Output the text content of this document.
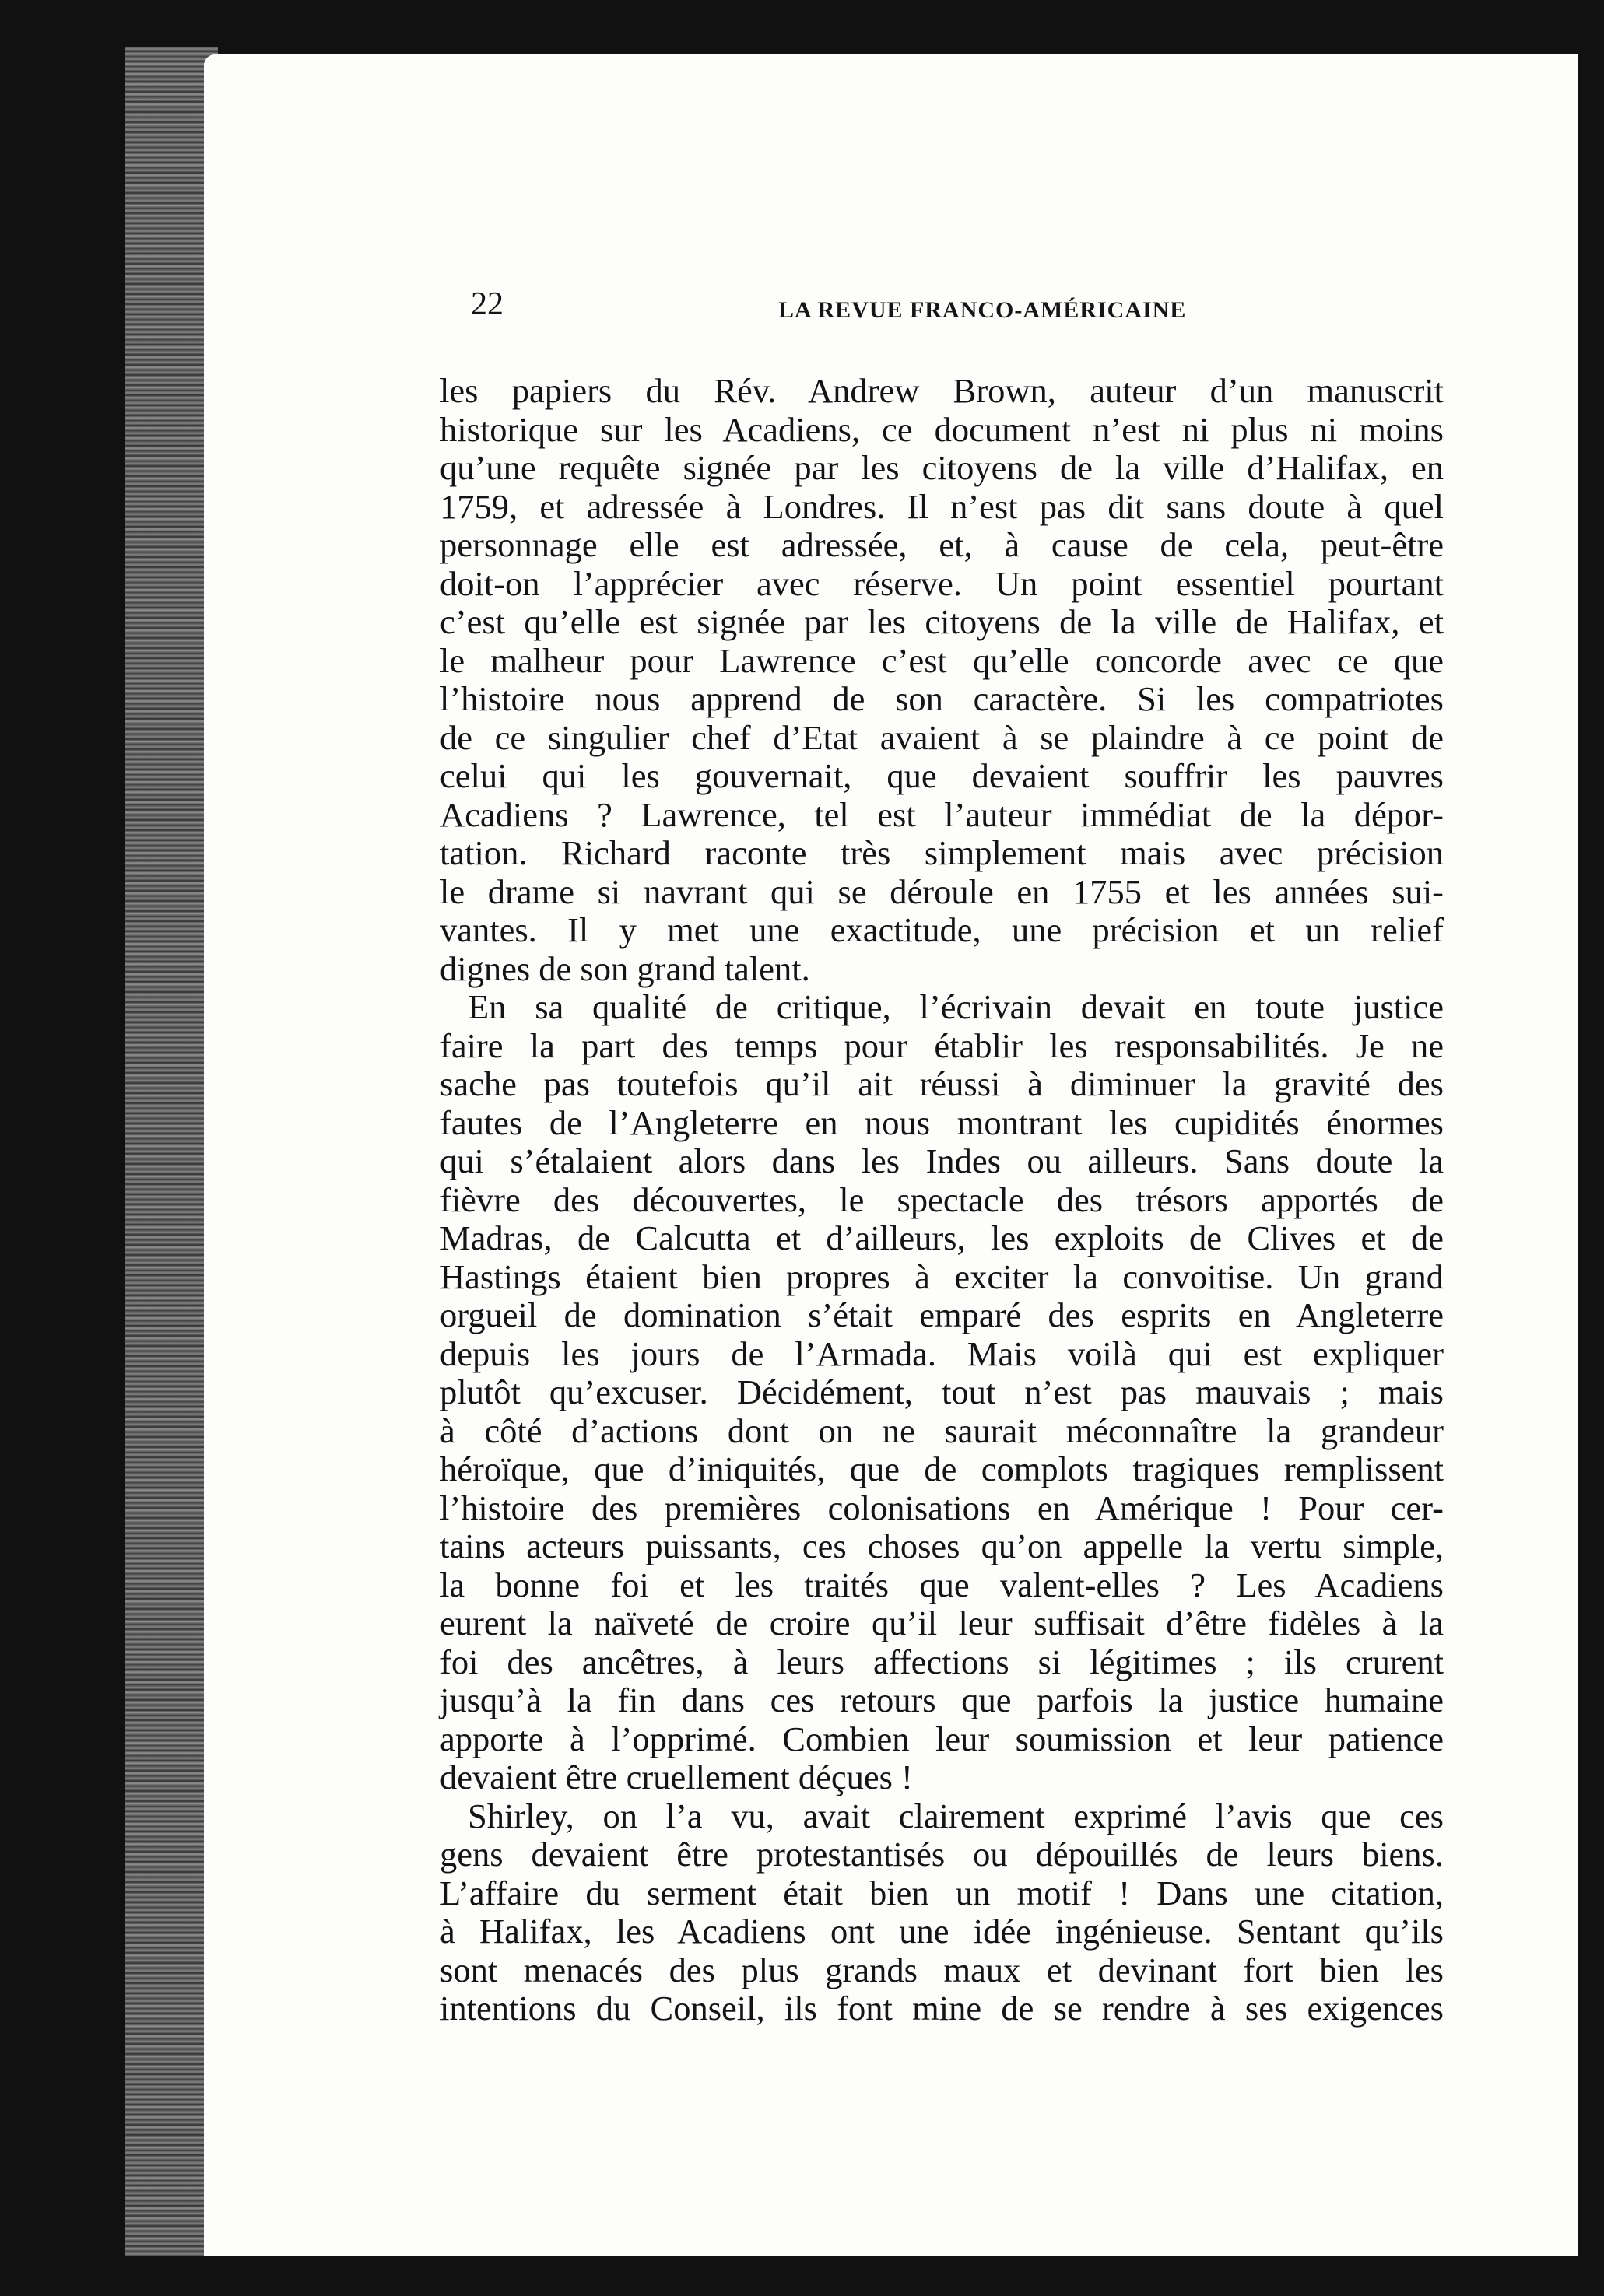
22	LA REVUE FRANCO-AMÉRICAINE
les papiers du Rév. Andrew Brown, auteur d’un manuscrit
historique sur les Acadiens, ce document n’est ni plus ni moins
qu’une requête signée par les citoyens de la ville d’Halifax, en
1759, et adressée à Londres. Il n’est pas dit sans doute à quel
personnage elle est adressée, et, à cause de cela, peut-être
doit-on l’apprécier avec réserve. Un point essentiel pourtant
c’est qu’elle est signée par les citoyens de la ville de Halifax, et
le malheur pour Lawrence c’est qu’elle concorde avec ce que
l’histoire nous apprend de son caractère. Si les compatriotes
de ce singulier chef d’Etat avaient à se plaindre à ce point de
celui qui les gouvernait, que devaient souffrir les pauvres
Acadiens ? Lawrence, tel est l’auteur immédiat de la dépor-
tation. Richard raconte très simplement mais avec précision
le drame si navrant qui se déroule en 1755 et les années sui-
vantes. Il y met une exactitude, une précision et un relief
dignes de son grand talent.
En sa qualité de critique, l’écrivain devait en toute justice
faire la part des temps pour établir les responsabilités. Je ne
sache pas toutefois qu’il ait réussi à diminuer la gravité des
fautes de l’Angleterre en nous montrant les cupidités énormes
qui s’étalaient alors dans les Indes ou ailleurs. Sans doute la
fièvre des découvertes, le spectacle des trésors apportés de
Madras, de Calcutta et d’ailleurs, les exploits de Clives et de
Hastings étaient bien propres à exciter la convoitise. Un grand
orgueil de domination s’était emparé des esprits en Angleterre
depuis les jours de l’Armada. Mais voilà qui est expliquer
plutôt qu’excuser. Décidément, tout n’est pas mauvais ; mais
à côté d’actions dont on ne saurait méconnaître la grandeur
héroïque, que d’iniquités, que de complots tragiques remplissent
l’histoire des premières colonisations en Amérique ! Pour cer-
tains acteurs puissants, ces choses qu’on appelle la vertu simple,
la bonne foi et les traités que valent-elles ? Les Acadiens
eurent la naïveté de croire qu’il leur suffisait d’être fidèles à la
foi des ancêtres, à leurs affections si légitimes ; ils crurent
jusqu’à la fin dans ces retours que parfois la justice humaine
apporte à l’opprimé. Combien leur soumission et leur patience
devaient être cruellement déçues !
Shirley, on l’a vu, avait clairement exprimé l’avis que ces
gens devaient être protestantisés ou dépouillés de leurs biens.
L’affaire du serment était bien un motif ! Dans une citation,
à Halifax, les Acadiens ont une idée ingénieuse. Sentant qu’ils
sont menacés des plus grands maux et devinant fort bien les
intentions du Conseil, ils font mine de se rendre à ses exigences
